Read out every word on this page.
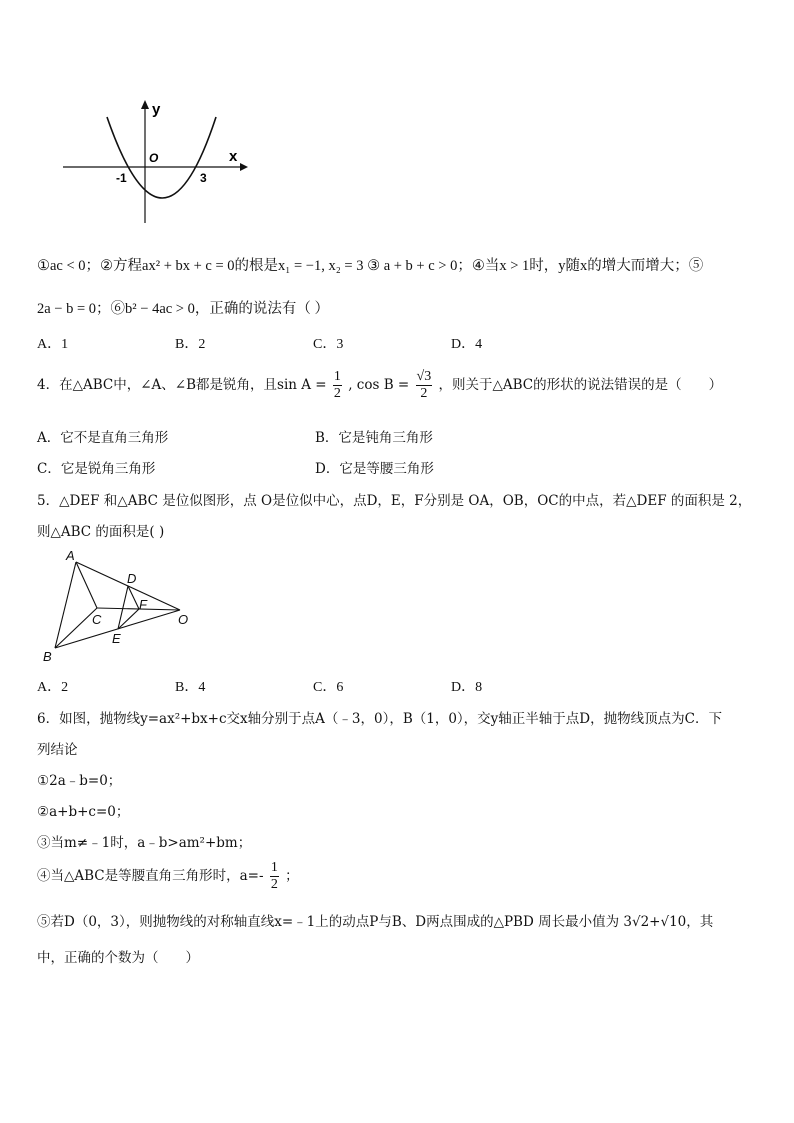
y
x
O
-1	3
①ac < 0；②方程ax² + bx + c = 0的根是x₁ = −1, x₂ = 3 ③ a + b + c > 0；④当x > 1时，y随x的增大而增大；⑤
2a − b = 0；⑥b² − 4ac > 0，正确的说法有（ ）
A．1	B．2	C．3	D．4
4．在△ABC中，∠A、∠B都是锐角，且$\sin A = \frac{1}{2}$ , $\cos B = \frac{√3}{2}$ ，则关于△ABC的形状的说法错误的是（　　）
A．它不是直角三角形	B．它是钝角三角形
C．它是锐角三角形	D．它是等腰三角形
5．△DEF 和△ABC 是位似图形，点 O是位似中心，点D，E，F分别是 OA，OB，OC的中点，若△DEF 的面积是 2，
则△ABC 的面积是( )
A
B
C
D
E
F
O
A．2	B．4	C．6	D．8
6．如图，抛物线y=ax²+bx+c交x轴分别于点A（﹣3，0），B（1，0），交y轴正半轴于点D，抛物线顶点为C．下
列结论
①2a﹣b=0；
②a+b+c=0；
③当m≠﹣1时，a﹣b>am²+bm；
④当△ABC是等腰直角三角形时，$a=- \frac{1}{2}$ ；
⑤若D（0，3），则抛物线的对称轴直线x=﹣1上的动点P与B、D两点围成的△PBD 周长最小值为 3√2+√10，其
中，正确的个数为（　　）
